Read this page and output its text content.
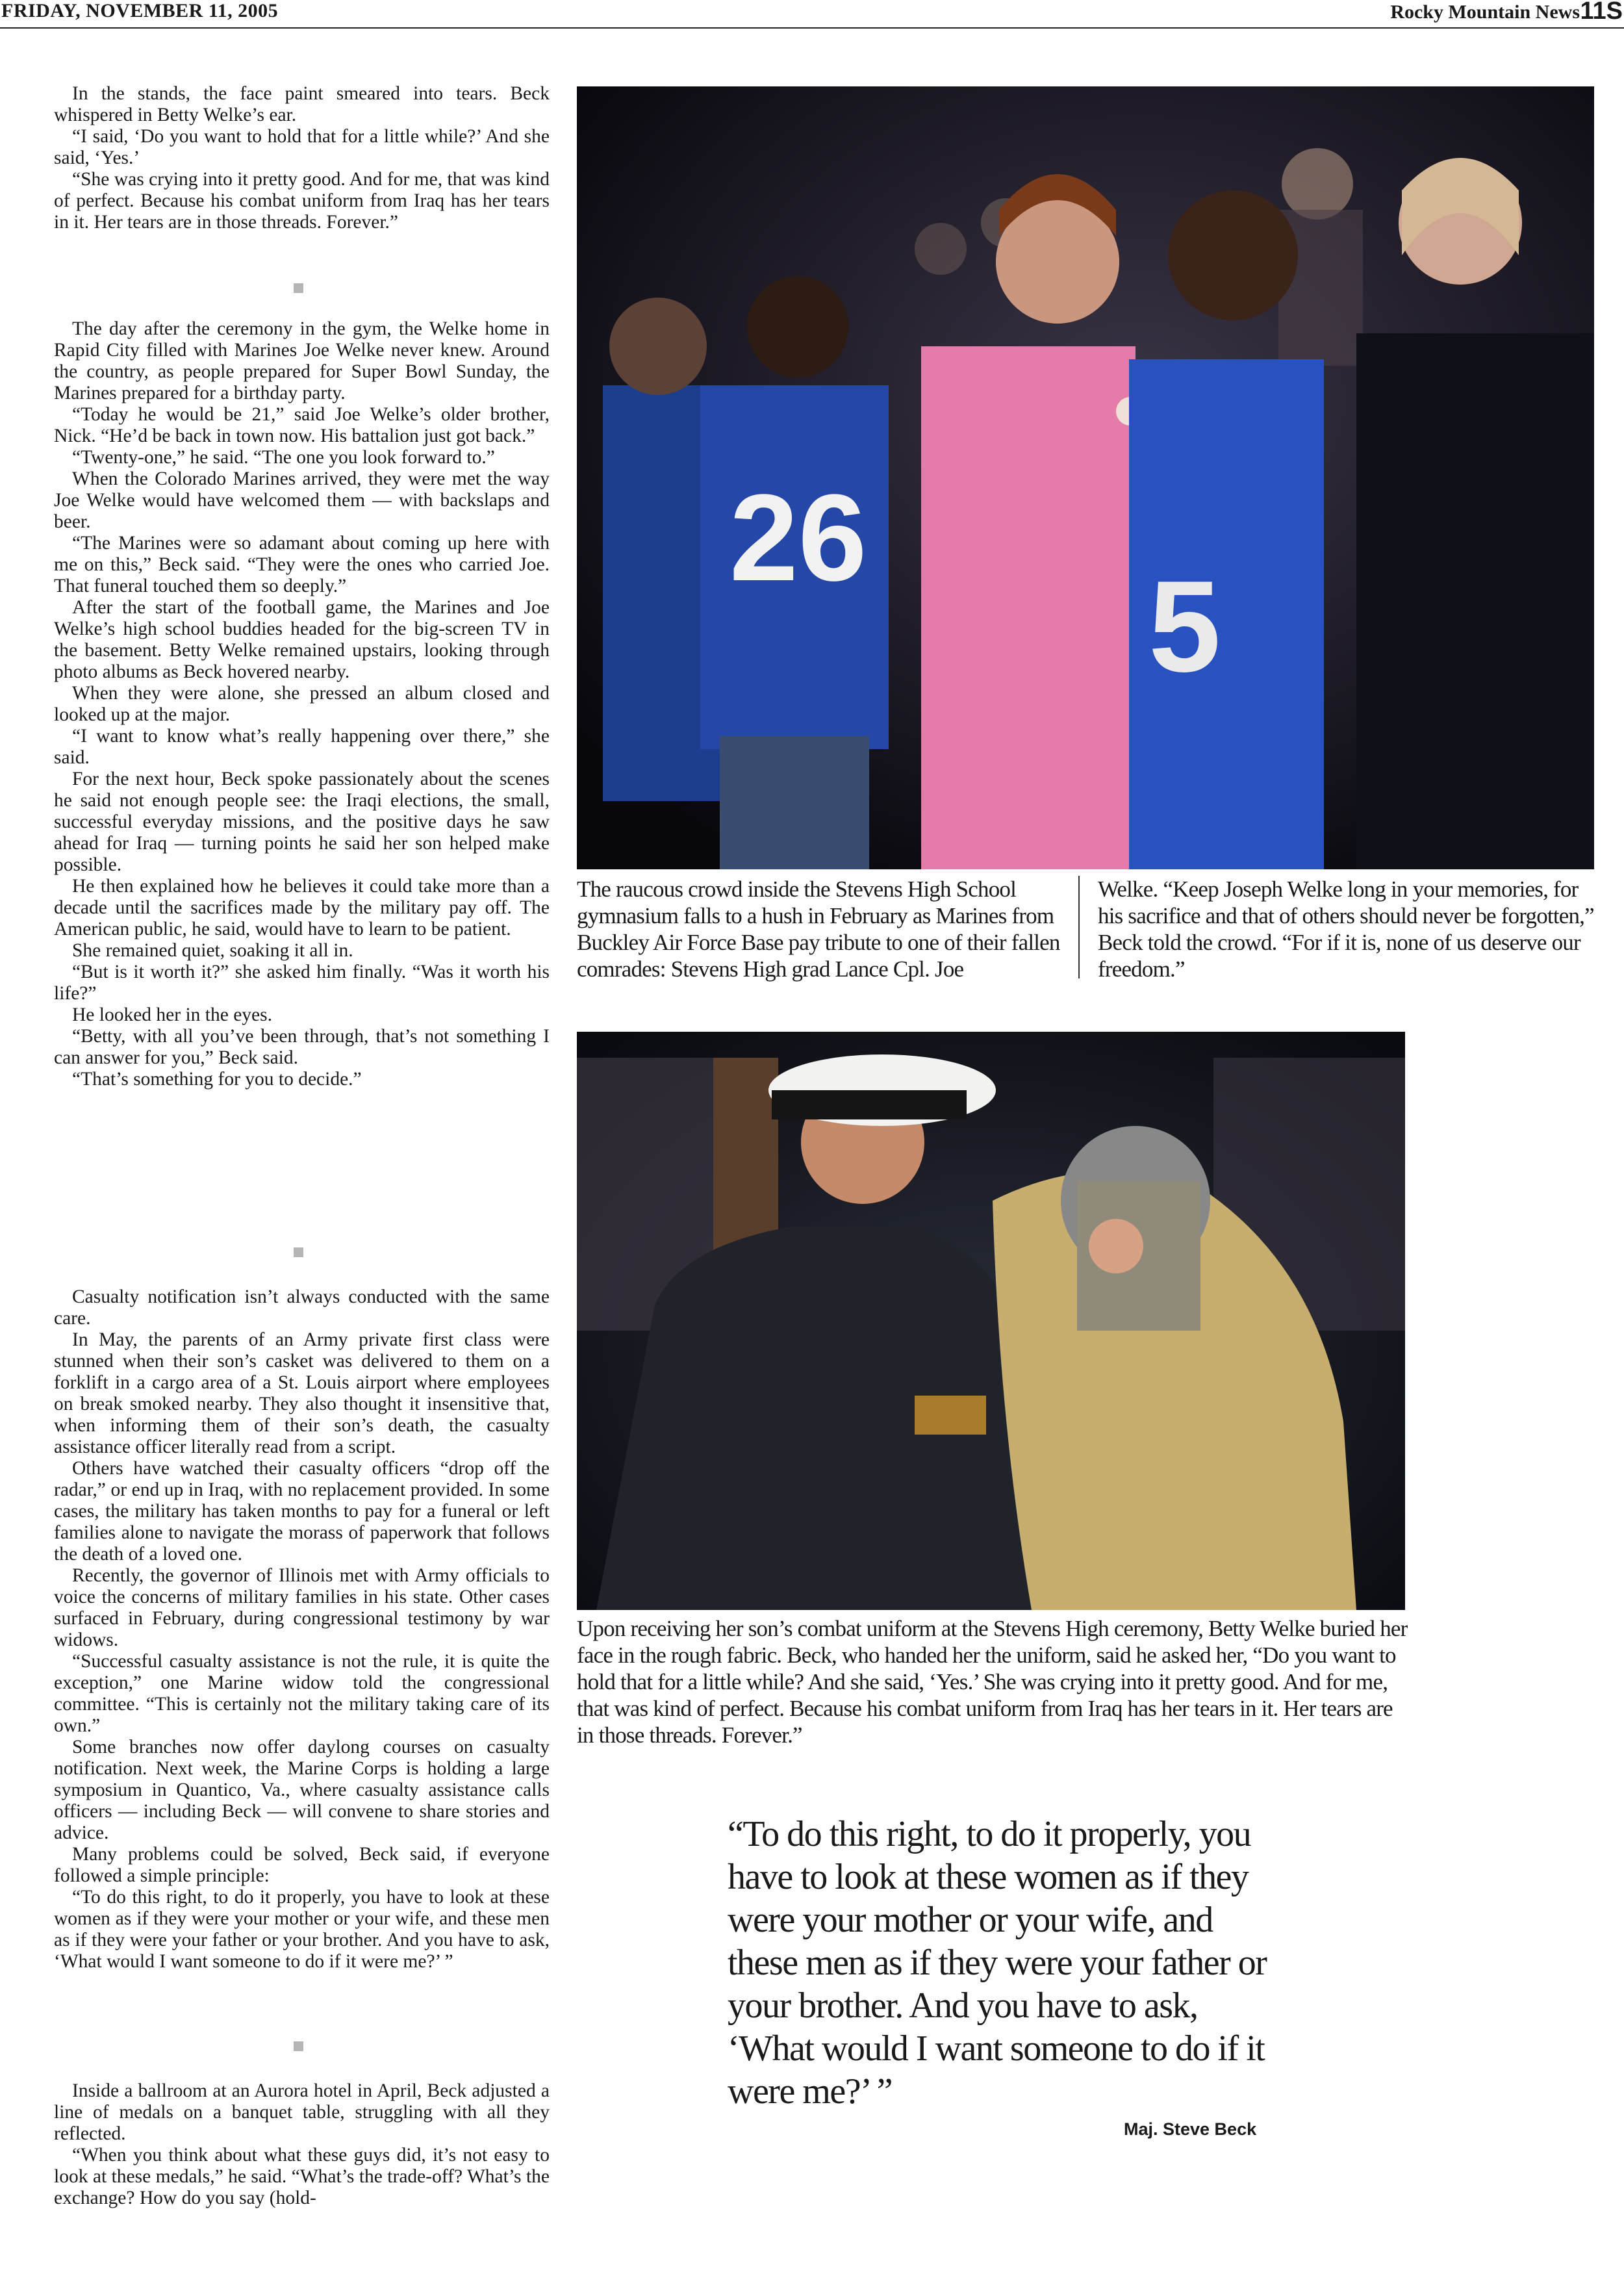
FRIDAY, NOVEMBER 11, 2005	Rocky Mountain News 11S

In the stands, the face paint smeared into tears. Beck whispered in Betty Welke’s ear.

“I said, ‘Do you want to hold that for a little while?’ And she said, ‘Yes.’

“She was crying into it pretty good. And for me, that was kind of perfect. Because his combat uniform from Iraq has her tears in it. Her tears are in those threads. Forever.”

The day after the ceremony in the gym, the Welke home in Rapid City filled with Marines Joe Welke never knew. Around the country, as people prepared for Super Bowl Sunday, the Marines prepared for a birthday party.

“Today he would be 21,” said Joe Welke’s older brother, Nick. “He’d be back in town now. His battalion just got back.”

“Twenty-one,” he said. “The one you look forward to.”

When the Colorado Marines arrived, they were met the way Joe Welke would have welcomed them — with backslaps and beer.

“The Marines were so adamant about coming up here with me on this,” Beck said. “They were the ones who carried Joe. That funeral touched them so deeply.”

After the start of the football game, the Marines and Joe Welke’s high school buddies headed for the big-screen TV in the basement. Betty Welke remained upstairs, looking through photo albums as Beck hovered nearby.

When they were alone, she pressed an album closed and looked up at the major.

“I want to know what’s really happening over there,” she said.

For the next hour, Beck spoke passionately about the scenes he said not enough people see: the Iraqi elections, the small, successful everyday missions, and the positive days he saw ahead for Iraq — turning points he said her son helped make possible.

He then explained how he believes it could take more than a decade until the sacrifices made by the military pay off. The American public, he said, would have to learn to be patient.

She remained quiet, soaking it all in.

“But is it worth it?” she asked him finally. “Was it worth his life?”

He looked her in the eyes.

“Betty, with all you’ve been through, that’s not something I can answer for you,” Beck said.

“That’s something for you to decide.”

Casualty notification isn’t always conducted with the same care.

In May, the parents of an Army private first class were stunned when their son’s casket was delivered to them on a forklift in a cargo area of a St. Louis airport where employees on break smoked nearby. They also thought it insensitive that, when informing them of their son’s death, the casualty assistance officer literally read from a script.

Others have watched their casualty officers “drop off the radar,” or end up in Iraq, with no replacement provided. In some cases, the military has taken months to pay for a funeral or left families alone to navigate the morass of paperwork that follows the death of a loved one.

Recently, the governor of Illinois met with Army officials to voice the concerns of military families in his state. Other cases surfaced in February, during congressional testimony by war widows.

“Successful casualty assistance is not the rule, it is quite the exception,” one Marine widow told the congressional committee. “This is certainly not the military taking care of its own.”

Some branches now offer daylong courses on casualty notification. Next week, the Marine Corps is holding a large symposium in Quantico, Va., where casualty assistance calls officers — including Beck — will convene to share stories and advice.

Many problems could be solved, Beck said, if everyone followed a simple principle:

“To do this right, to do it properly, you have to look at these women as if they were your mother or your wife, and these men as if they were your father or your brother. And you have to ask, ‘What would I want someone to do if it were me?’ ”

Inside a ballroom at an Aurora hotel in April, Beck adjusted a line of medals on a banquet table, struggling with all they reflected.

“When you think about what these guys did, it’s not easy to look at these medals,” he said. “What’s the trade-off? What’s the exchange? How do you say (hold-

26
5
The raucous crowd inside the Stevens High School gymnasium falls to a hush in February as Marines from Buckley Air Force Base pay tribute to one of their fallen comrades: Stevens High grad Lance Cpl. Joe
Welke. “Keep Joseph Welke long in your memories, for his sacrifice and that of others should never be forgotten,” Beck told the crowd. “For if it is, none of us deserve our freedom.”
Upon receiving her son’s combat uniform at the Stevens High ceremony, Betty Welke buried her face in the rough fabric. Beck, who handed her the uniform, said he asked her, “Do you want to hold that for a little while? And she said, ‘Yes.’ She was crying into it pretty good. And for me, that was kind of perfect. Because his combat uniform from Iraq has her tears in it. Her tears are in those threads. Forever.”
“To do this right, to do it properly, you have to look at these women as if they were your mother or your wife, and these men as if they were your father or your brother. And you have to ask, ‘What would I want someone to do if it were me?’ ”
Maj. Steve Beck
